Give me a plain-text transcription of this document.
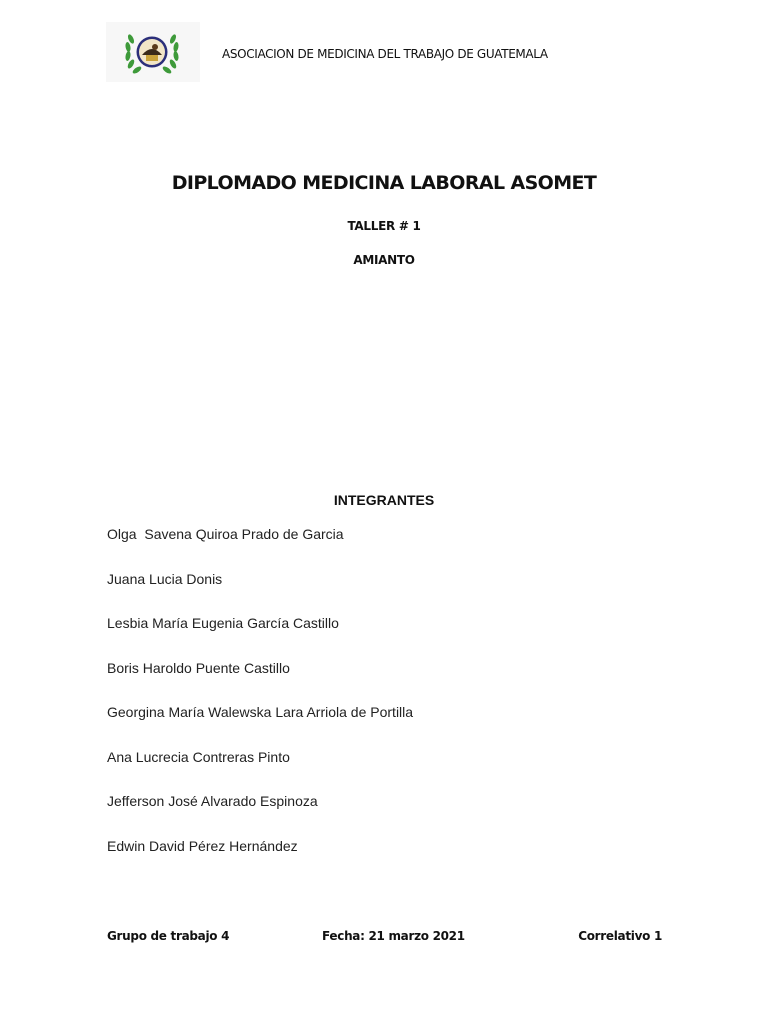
ASOCIACION DE MEDICINA DEL TRABAJO DE GUATEMALA
DIPLOMADO MEDICINA LABORAL ASOMET
TALLER # 1
AMIANTO
INTEGRANTES
Olga  Savena Quiroa Prado de Garcia
Juana Lucia Donis
Lesbia María Eugenia García Castillo
Boris Haroldo Puente Castillo
Georgina María Walewska Lara Arriola de Portilla
Ana Lucrecia Contreras Pinto
Jefferson José Alvarado Espinoza
Edwin David Pérez Hernández
Grupo de trabajo 4	Fecha: 21 marzo 2021	Correlativo 1
